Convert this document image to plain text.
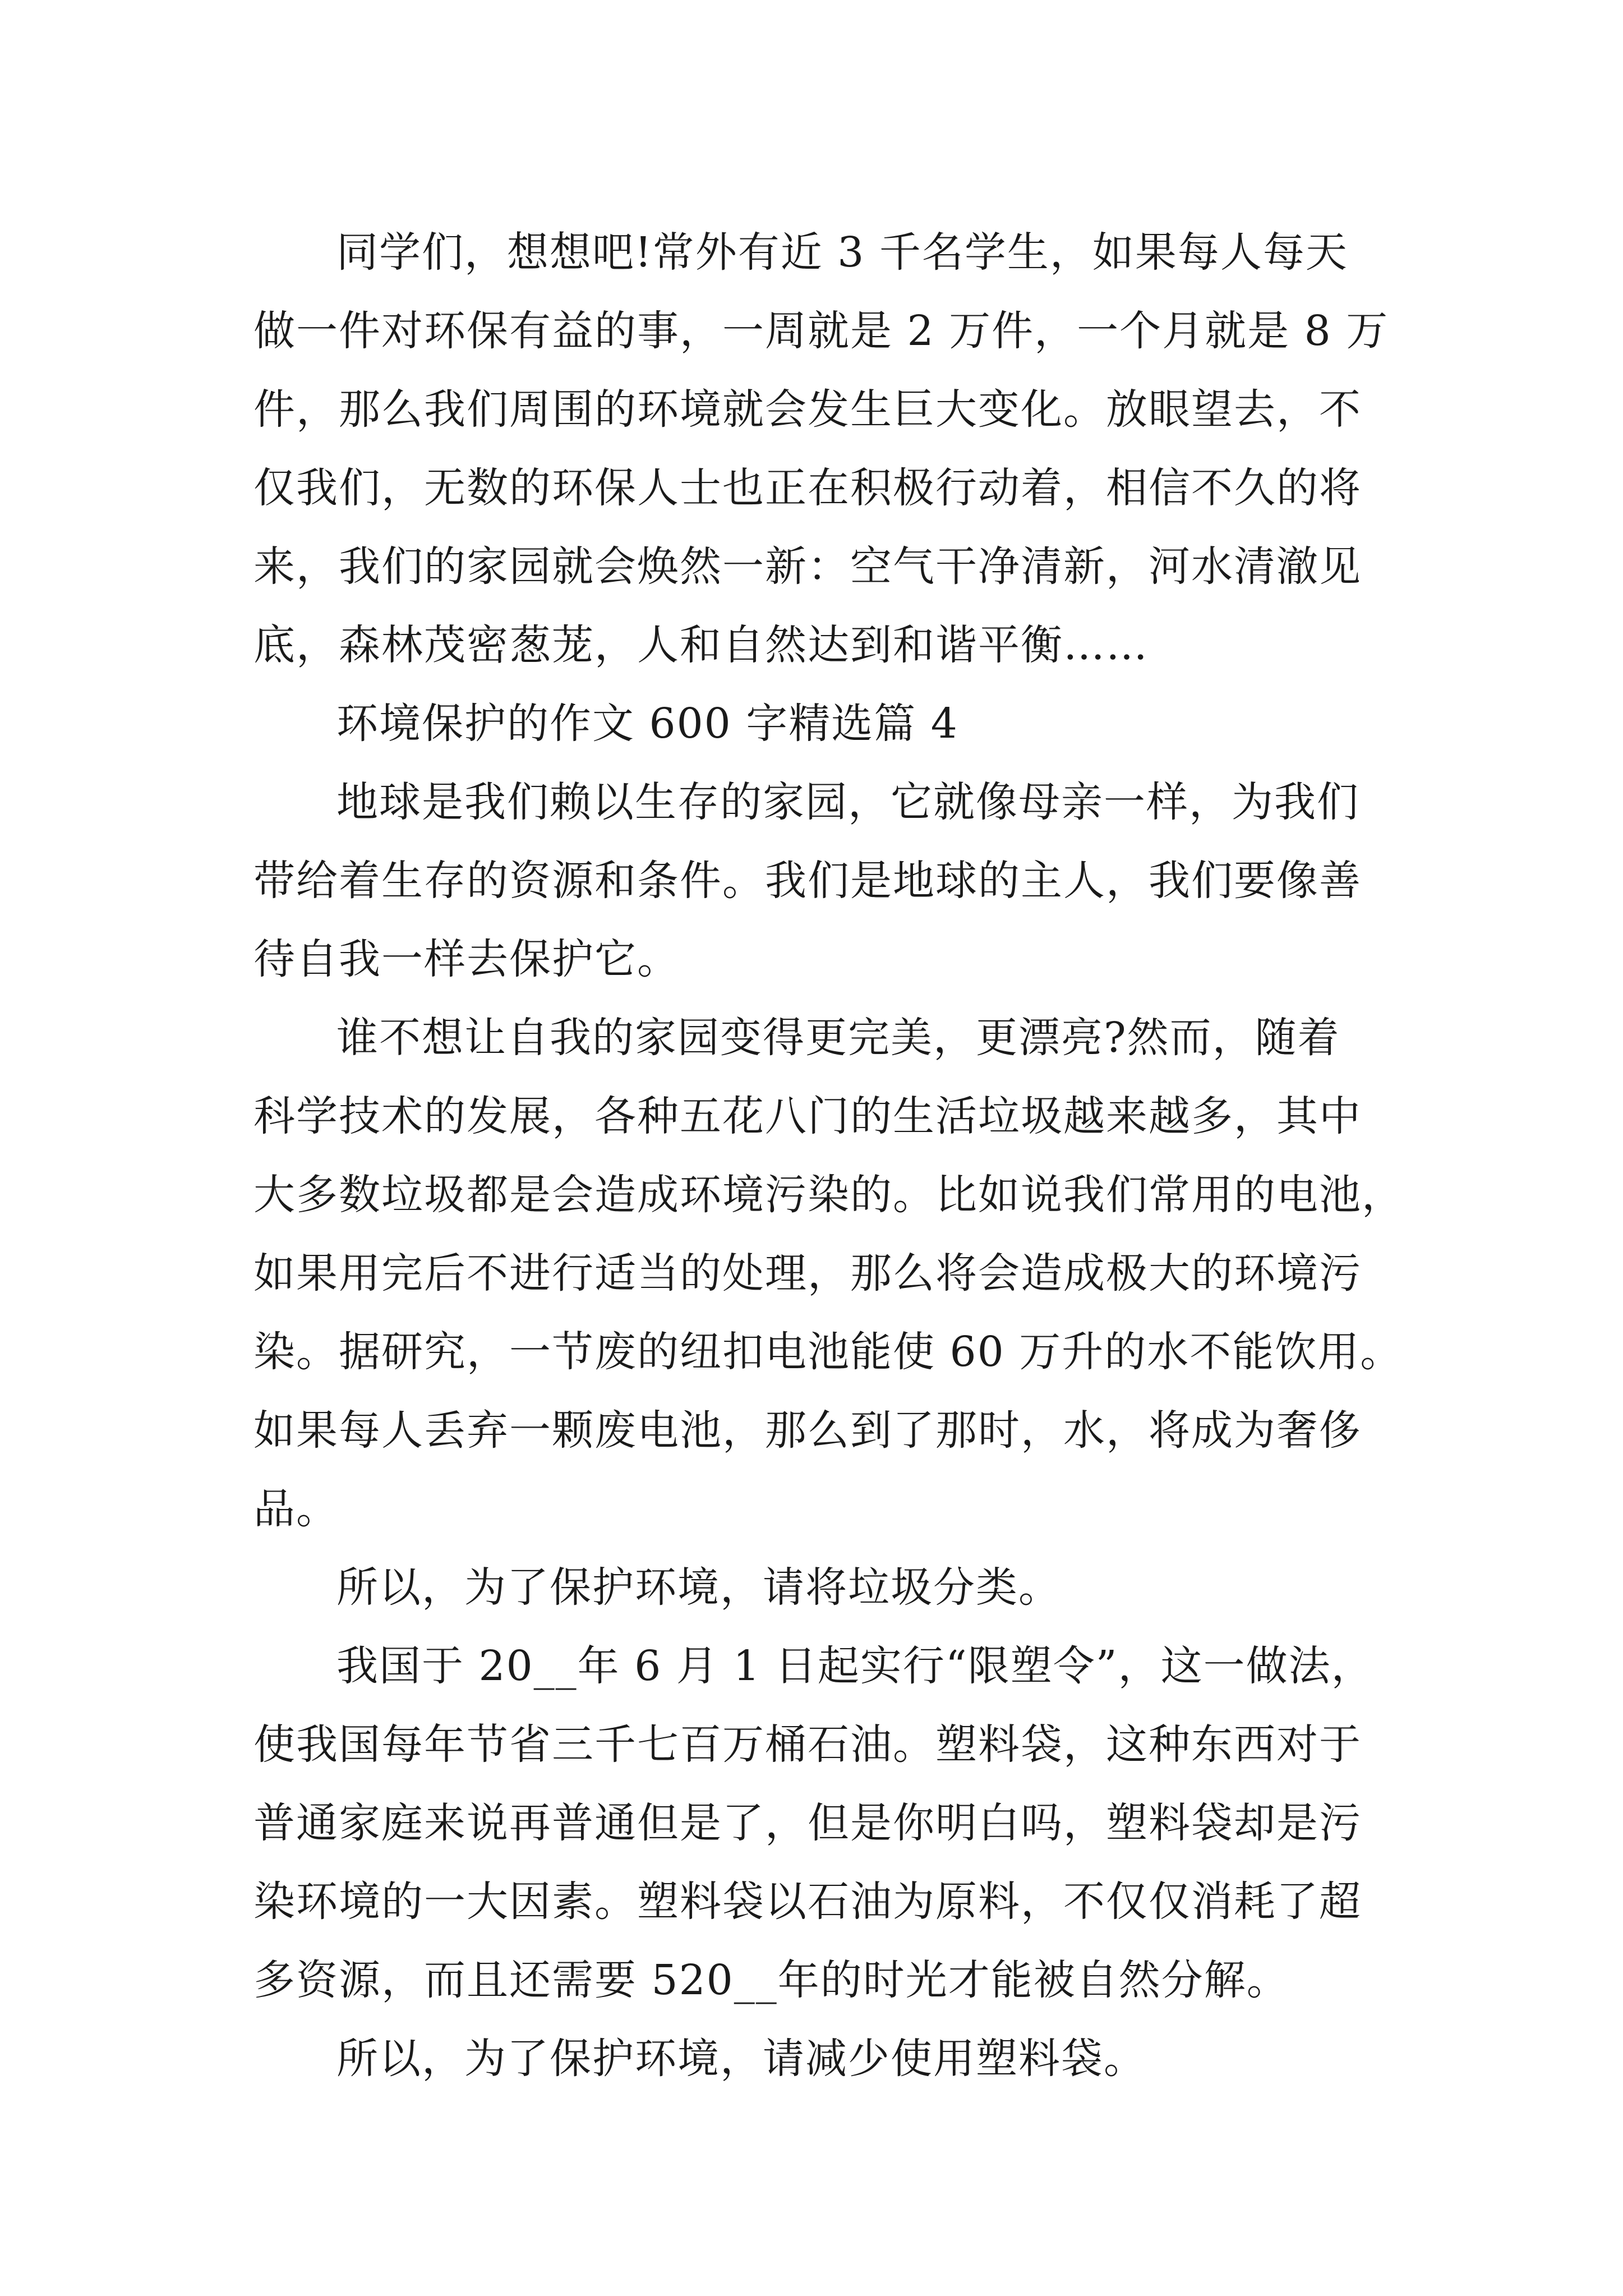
同学们，想想吧!常外有近 3 千名学生，如果每人每天
做一件对环保有益的事，一周就是 2 万件，一个月就是 8 万
件，那么我们周围的环境就会发生巨大变化。放眼望去，不
仅我们，无数的环保人士也正在积极行动着，相信不久的将
来，我们的家园就会焕然一新：空气干净清新，河水清澈见
底，森林茂密葱茏，人和自然达到和谐平衡……

环境保护的作文 600 字精选篇 4

地球是我们赖以生存的家园，它就像母亲一样，为我们
带给着生存的资源和条件。我们是地球的主人，我们要像善
待自我一样去保护它。

谁不想让自我的家园变得更完美，更漂亮?然而，随着
科学技术的发展，各种五花八门的生活垃圾越来越多，其中
大多数垃圾都是会造成环境污染的。比如说我们常用的电池，
如果用完后不进行适当的处理，那么将会造成极大的环境污
染。据研究，一节废的纽扣电池能使 60 万升的水不能饮用。
如果每人丢弃一颗废电池，那么到了那时，水，将成为奢侈
品。

所以，为了保护环境，请将垃圾分类。

我国于 20__年 6 月 1 日起实行“限塑令”，这一做法，
使我国每年节省三千七百万桶石油。塑料袋，这种东西对于
普通家庭来说再普通但是了，但是你明白吗，塑料袋却是污
染环境的一大因素。塑料袋以石油为原料，不仅仅消耗了超
多资源，而且还需要 520__年的时光才能被自然分解。

所以，为了保护环境，请减少使用塑料袋。
